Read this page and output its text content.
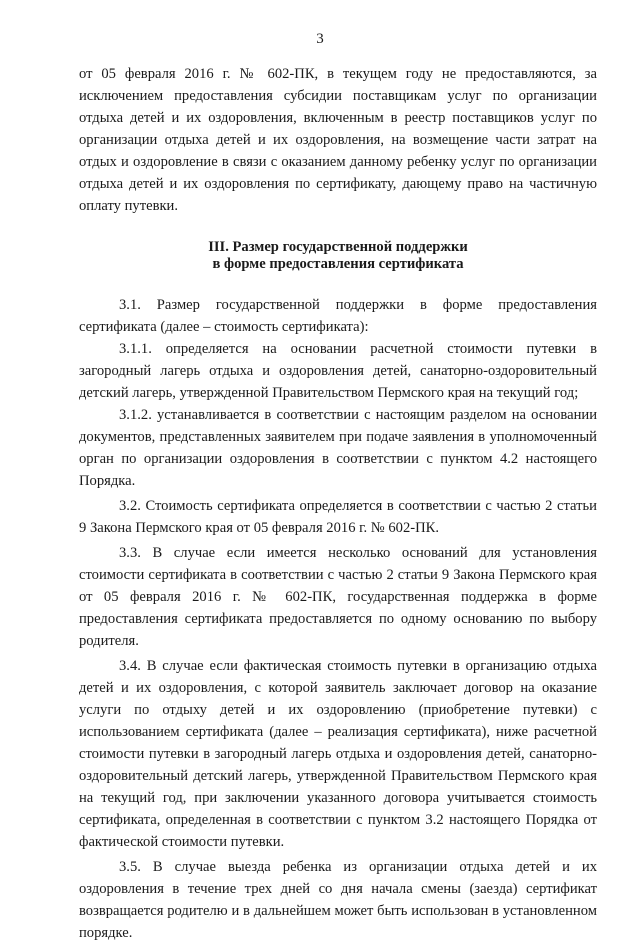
3

от 05 февраля 2016 г. № 602-ПК, в текущем году не предоставляются, за исключением предоставления субсидии поставщикам услуг по организации отдыха детей и их оздоровления, включенным в реестр поставщиков услуг по организации отдыха детей и их оздоровления, на возмещение части затрат на отдых и оздоровление в связи с оказанием данному ребенку услуг по организации отдыха детей и их оздоровления по сертификату, дающему право на частичную оплату путевки.

III. Размер государственной поддержки
в форме предоставления сертификата

3.1. Размер государственной поддержки в форме предоставления сертификата (далее – стоимость сертификата):

3.1.1. определяется на основании расчетной стоимости путевки в загородный лагерь отдыха и оздоровления детей, санаторно-оздоровительный детский лагерь, утвержденной Правительством Пермского края на текущий год;

3.1.2. устанавливается в соответствии с настоящим разделом на основании документов, представленных заявителем при подаче заявления в уполномоченный орган по организации оздоровления в соответствии с пунктом 4.2 настоящего Порядка.

3.2. Стоимость сертификата определяется в соответствии с частью 2 статьи 9 Закона Пермского края от 05 февраля 2016 г. № 602-ПК.

3.3. В случае если имеется несколько оснований для установления стоимости сертификата в соответствии с частью 2 статьи 9 Закона Пермского края от 05 февраля 2016 г. № 602-ПК, государственная поддержка в форме предоставления сертификата предоставляется по одному основанию по выбору родителя.

3.4. В случае если фактическая стоимость путевки в организацию отдыха детей и их оздоровления, с которой заявитель заключает договор на оказание услуги по отдыху детей и их оздоровлению (приобретение путевки) с использованием сертификата (далее – реализация сертификата), ниже расчетной стоимости путевки в загородный лагерь отдыха и оздоровления детей, санаторно-оздоровительный детский лагерь, утвержденной Правительством Пермского края на текущий год, при заключении указанного договора учитывается стоимость сертификата, определенная в соответствии с пунктом 3.2 настоящего Порядка от фактической стоимости путевки.

3.5. В случае выезда ребенка из организации отдыха детей и их оздоровления в течение трех дней со дня начала смены (заезда) сертификат возвращается родителю и в дальнейшем может быть использован в установленном порядке.
